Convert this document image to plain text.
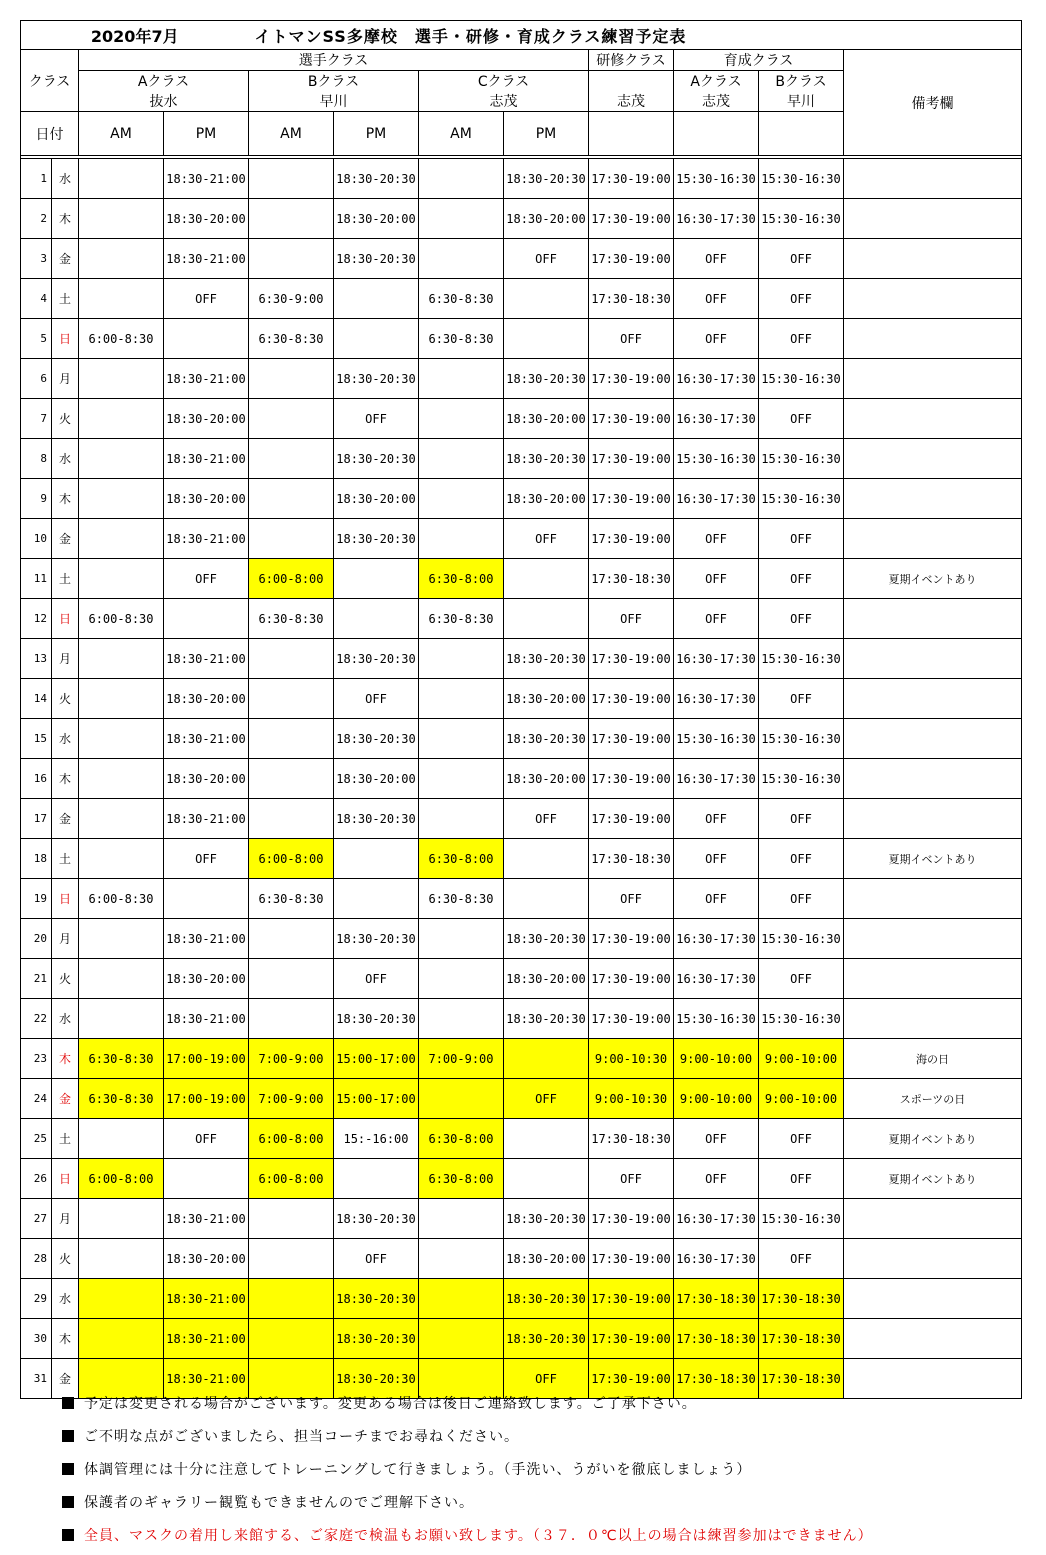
2020年7月				イトマンSS多摩校　選手・研修・育成クラス練習予定表							
クラス		選手クラス						研修クラス	育成クラス		備考欄
		Aクラス		Bクラス		Cクラス			Aクラス	Bクラス	
		抜水		早川		志茂		志茂	志茂	早川	
日付		AM	PM	AM	PM	AM	PM				

1	水		18:30-21:00		18:30-20:30		18:30-20:30	17:30-19:00	15:30-16:30	15:30-16:30	
2	木		18:30-20:00		18:30-20:00		18:30-20:00	17:30-19:00	16:30-17:30	15:30-16:30	
3	金		18:30-21:00		18:30-20:30		OFF	17:30-19:00	OFF	OFF	
4	土		OFF	6:30-9:00		6:30-8:30		17:30-18:30	OFF	OFF	
5	日	6:00-8:30		6:30-8:30		6:30-8:30		OFF	OFF	OFF	
6	月		18:30-21:00		18:30-20:30		18:30-20:30	17:30-19:00	16:30-17:30	15:30-16:30	
7	火		18:30-20:00		OFF		18:30-20:00	17:30-19:00	16:30-17:30	OFF	
8	水		18:30-21:00		18:30-20:30		18:30-20:30	17:30-19:00	15:30-16:30	15:30-16:30	
9	木		18:30-20:00		18:30-20:00		18:30-20:00	17:30-19:00	16:30-17:30	15:30-16:30	
10	金		18:30-21:00		18:30-20:30		OFF	17:30-19:00	OFF	OFF	
11	土		OFF	6:00-8:00		6:30-8:00		17:30-18:30	OFF	OFF	夏期イベントあり
12	日	6:00-8:30		6:30-8:30		6:30-8:30		OFF	OFF	OFF	
13	月		18:30-21:00		18:30-20:30		18:30-20:30	17:30-19:00	16:30-17:30	15:30-16:30	
14	火		18:30-20:00		OFF		18:30-20:00	17:30-19:00	16:30-17:30	OFF	
15	水		18:30-21:00		18:30-20:30		18:30-20:30	17:30-19:00	15:30-16:30	15:30-16:30	
16	木		18:30-20:00		18:30-20:00		18:30-20:00	17:30-19:00	16:30-17:30	15:30-16:30	
17	金		18:30-21:00		18:30-20:30		OFF	17:30-19:00	OFF	OFF	
18	土		OFF	6:00-8:00		6:30-8:00		17:30-18:30	OFF	OFF	夏期イベントあり
19	日	6:00-8:30		6:30-8:30		6:30-8:30		OFF	OFF	OFF	
20	月		18:30-21:00		18:30-20:30		18:30-20:30	17:30-19:00	16:30-17:30	15:30-16:30	
21	火		18:30-20:00		OFF		18:30-20:00	17:30-19:00	16:30-17:30	OFF	
22	水		18:30-21:00		18:30-20:30		18:30-20:30	17:30-19:00	15:30-16:30	15:30-16:30	
23	木	6:30-8:30	17:00-19:00	7:00-9:00	15:00-17:00	7:00-9:00		9:00-10:30	9:00-10:00	9:00-10:00	海の日
24	金	6:30-8:30	17:00-19:00	7:00-9:00	15:00-17:00		OFF	9:00-10:30	9:00-10:00	9:00-10:00	スポーツの日
25	土		OFF	6:00-8:00	15:-16:00	6:30-8:00		17:30-18:30	OFF	OFF	夏期イベントあり
26	日	6:00-8:00		6:00-8:00		6:30-8:00		OFF	OFF	OFF	夏期イベントあり
27	月		18:30-21:00		18:30-20:30		18:30-20:30	17:30-19:00	16:30-17:30	15:30-16:30	
28	火		18:30-20:00		OFF		18:30-20:00	17:30-19:00	16:30-17:30	OFF	
29	水		18:30-21:00		18:30-20:30		18:30-20:30	17:30-19:00	17:30-18:30	17:30-18:30	
30	木		18:30-21:00		18:30-20:30		18:30-20:30	17:30-19:00	17:30-18:30	17:30-18:30	
31	金		18:30-21:00		18:30-20:30		OFF	17:30-19:00	17:30-18:30	17:30-18:30	
予定は変更される場合がございます。変更ある場合は後日ご連絡致します。ご了承下さい。
ご不明な点がございましたら、担当コーチまでお尋ねください。
体調管理には十分に注意してトレーニングして行きましょう。（手洗い、うがいを徹底しましょう）
保護者のギャラリー観覧もできませんのでご理解下さい。
全員、マスクの着用し来館する、ご家庭で検温もお願い致します。（３７．０℃以上の場合は練習参加はできません）
